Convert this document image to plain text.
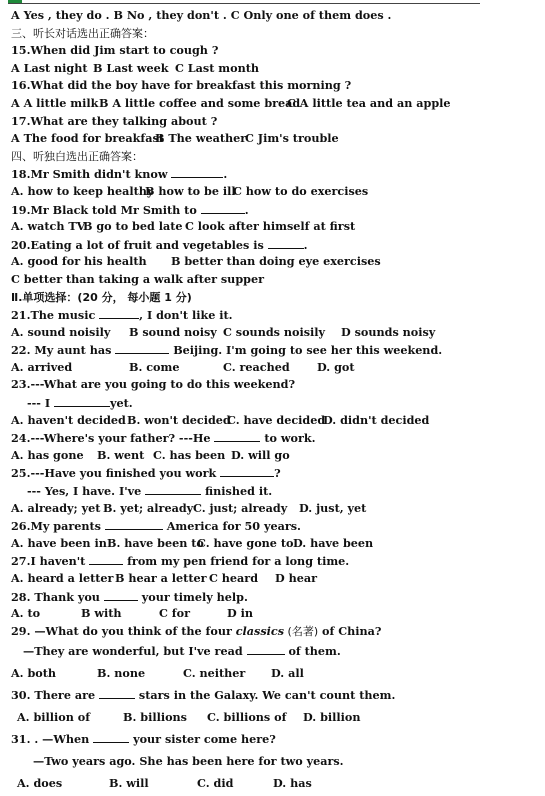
A Yes , they do . B No , they don't . C Only one of them does .
三、听长对话选出正确答案：
15.When did Jim start to cough ?
A Last night B Last week C Last month
16.What did the boy have for breakfast this morning ?
A A little milk B A little coffee and some bread
C A little tea and an apple
17.What are they talking about ?
A The food for breakfast
B The weather
C Jim's trouble
四、听独白选出正确答案：
18.Mr Smith didn't know	.
A. how to keep healthy
B how to be ill
C how to do exercises
19.Mr Black told Mr Smith to	.
A. watch TV
B go to bed late C look after himself at first
20.Eating a lot of fruit and vegetables is	.
A. good for his health B better than doing eye exercises
C better than taking a walk after supper
Ⅱ.单项选择：(20 分， 每小题 1 分)
21.The music	, I don't like it.
A. sound noisily B sound noisy C sounds noisily D sounds noisy
22. My aunt has	Beijing. I'm going to see her this weekend.
A. arrived	B. come	C. reached D. got
23.---What are you going to do this weekend?
--- I	yet.
A. haven't decided B. won't decided
C. have decided
D. didn't decided
24.---Where's your father? ---He	to work.
A. has gone B. went C. has been D. will go
25.---Have you finished you work	?
--- Yes, I have. I've	finished it.
A. already; yet B. yet; already C. just; already D. just, yet
26.My parents	America for 50 years.
A. have been in B. have been to
C. have gone to D. have been
27.I haven't	from my pen friend for a long time.
A. heard a letter B hear a letter C heard D hear
28. Thank you	your timely help.
A. to	B with	C for	D in
29. —What do you think of the four classics (名著) of China?
—They are wonderful, but I've read	of them.
A. both	B. none	C. neither D. all
30. There are	stars in the Galaxy. We can't count them.
A. billion of	B. billions C. billions of D. billion
31. . —When	your sister come here?
—Two years ago. She has been here for two years.
A. does	B. will	C. did	D. has
